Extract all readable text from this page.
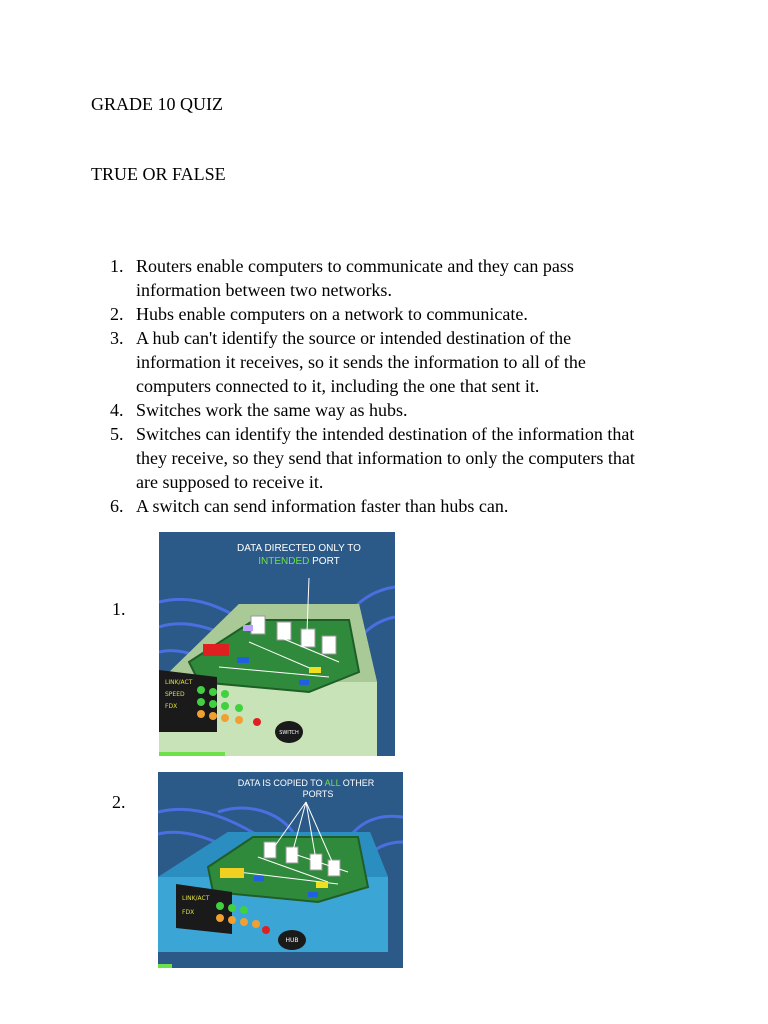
GRADE 10 QUIZ
TRUE OR FALSE
1. Routers enable computers to communicate and they can pass
information between two networks.
2. Hubs enable computers on a network to communicate.
3. A hub can't identify the source or intended destination of the
information it receives, so it sends the information to all of the
computers connected to it, including the one that sent it.
4. Switches work the same way as hubs.
5. Switches can identify the intended destination of the information that
they receive, so they send that information to only the computers that
are supposed to receive it.
6. A switch can send information faster than hubs can.
1.
LINK/ACT
SPEED
FDX
SWITCH
DATA DIRECTED ONLY TO
INTENDED PORT
2.
LINK/ACT
FDX
HUB
DATA IS COPIED TO ALL OTHER
PORTS
